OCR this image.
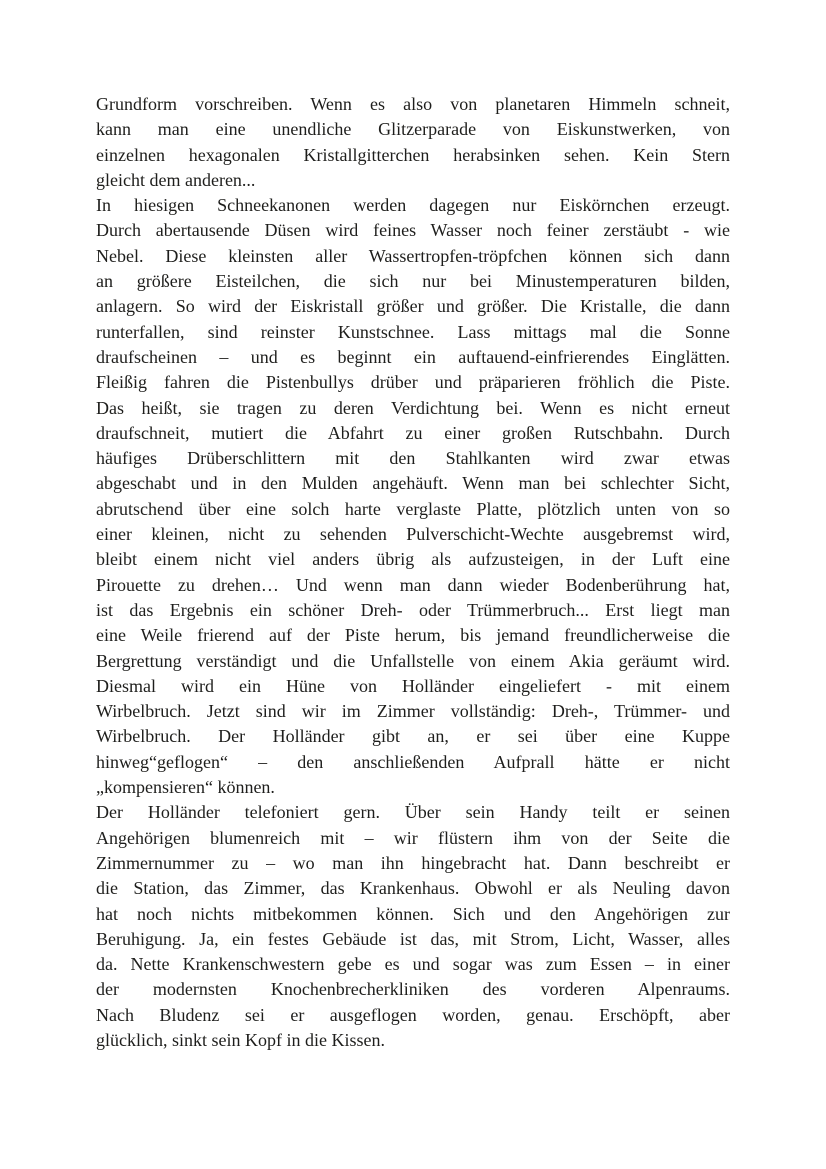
Grundform vorschreiben. Wenn es also von planetaren Himmeln schneit,
kann man eine unendliche Glitzerparade von Eiskunstwerken, von
einzelnen hexagonalen Kristallgitterchen herabsinken sehen. Kein Stern
gleicht dem anderen...
In hiesigen Schneekanonen werden dagegen nur Eiskörnchen erzeugt.
Durch abertausende Düsen wird feines Wasser noch feiner zerstäubt - wie
Nebel. Diese kleinsten aller Wassertropfen-tröpfchen können sich dann
an größere Eisteilchen, die sich nur bei Minustemperaturen bilden,
anlagern. So wird der Eiskristall größer und größer. Die Kristalle, die dann
runterfallen, sind reinster Kunstschnee. Lass mittags mal die Sonne
draufscheinen – und es beginnt ein auftauend-einfrierendes Einglätten.
Fleißig fahren die Pistenbullys drüber und präparieren fröhlich die Piste.
Das heißt, sie tragen zu deren Verdichtung bei. Wenn es nicht erneut
draufschneit, mutiert die Abfahrt zu einer großen Rutschbahn. Durch
häufiges Drüberschlittern mit den Stahlkanten wird zwar etwas
abgeschabt und in den Mulden angehäuft. Wenn man bei schlechter Sicht,
abrutschend über eine solch harte verglaste Platte, plötzlich unten von so
einer kleinen, nicht zu sehenden Pulverschicht-Wechte ausgebremst wird,
bleibt einem nicht viel anders übrig als aufzusteigen, in der Luft eine
Pirouette zu drehen… Und wenn man dann wieder Bodenberührung hat,
ist das Ergebnis ein schöner Dreh- oder Trümmerbruch... Erst liegt man
eine Weile frierend auf der Piste herum, bis jemand freundlicherweise die
Bergrettung verständigt und die Unfallstelle von einem Akia geräumt wird.
Diesmal wird ein Hüne von Holländer eingeliefert - mit einem
Wirbelbruch. Jetzt sind wir im Zimmer vollständig: Dreh-, Trümmer- und
Wirbelbruch. Der Holländer gibt an, er sei über eine Kuppe
hinweg“geflogen“ – den anschließenden Aufprall hätte er nicht
„kompensieren“ können.
Der Holländer telefoniert gern. Über sein Handy teilt er seinen
Angehörigen blumenreich mit – wir flüstern ihm von der Seite die
Zimmernummer zu – wo man ihn hingebracht hat. Dann beschreibt er
die Station, das Zimmer, das Krankenhaus. Obwohl er als Neuling davon
hat noch nichts mitbekommen können. Sich und den Angehörigen zur
Beruhigung. Ja, ein festes Gebäude ist das, mit Strom, Licht, Wasser, alles
da. Nette Krankenschwestern gebe es und sogar was zum Essen – in einer
der modernsten Knochenbrecherkliniken des vorderen Alpenraums.
Nach Bludenz sei er ausgeflogen worden, genau. Erschöpft, aber
glücklich, sinkt sein Kopf in die Kissen.
